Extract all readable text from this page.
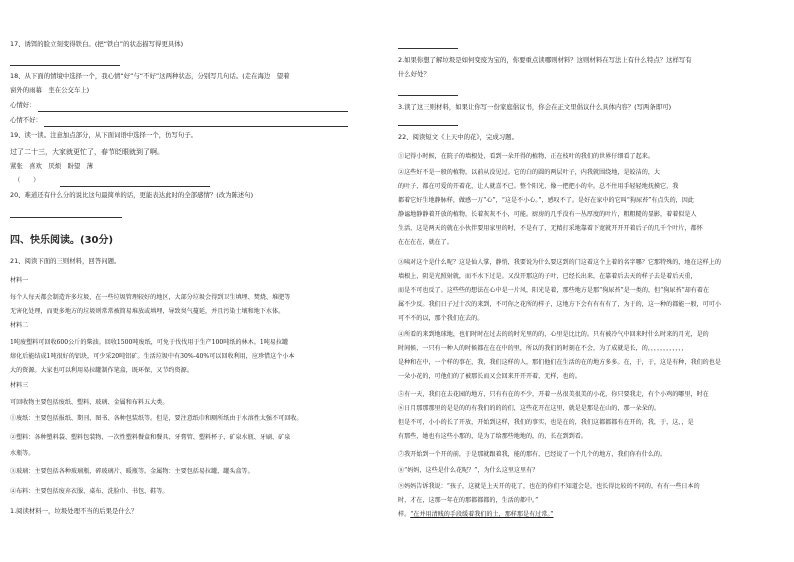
17、诱饵的脸立刻变得铁白。(把“铁白”的状态描写得更具体)
18、从下面的情境中选择一个，我心情“好”与“不好”这两种状态，分别写几句话。(走在海边　望着
窗外的雨幕　坐在公交车上)
心情好：
心情不好：
19、读一读。注意加点部分，从下面词语中选择一个，仿写句子。
过了二十三，大家就更忙了，春节眨眼就到了啊。
紧张　喜欢　厌烦　盼望　薄
（　　）
20、难道还有什么分的说比这句最简单的话，更能表达此时的全部感情？(改为陈述句)
四、快乐阅读。(30分)
21、阅读下面的三则材料，回答问题。
材料一
每个人每天都会制造许多垃圾，在一些垃圾管理较好的地区，大部分垃圾会得到卫生填埋、焚烧、堆肥等
无害化处理，而更多地方的垃圾则常常被简易堆放或填埋，导致臭气蔓延，并且污染土壤和地下水体。
材料二
1吨废塑料可回收600公斤的柴油。回收1500吨废纸，可免于伐伐用于生产100吨纸的林木。1吨易拉罐
熔化后能结成1吨很好的铝块，可少采20吨铝矿。生活垃圾中有30%-40%可以回收利用，应珍惜这个小本
大的资源。大家也可以利用易拉罐制作笔盒，既环保，又节约资源。
材料三
可回收物主要包括废纸、塑料、玻璃、金属和布料五大类。
①废纸：主要包括报纸、期刊、图书、各种包装纸等。但是，要注意纸巾和厕所纸由于水溶性太强不可回收。
②塑料：各种塑料袋、塑料包装物、一次性塑料餐盒和餐具、牙膏管、塑料杯子、矿泉水瓶、牙刷、矿泉
水瓶等。
③玻璃：主要包括各种玻璃瓶、碎玻璃片、暖瓶等。金属物：主要包括易拉罐、罐头盒等。
④布料：主要包括废弃衣服、桌布、洗脸巾、书包、鞋等。
1.阅读材料一，垃圾处理不当的后果是什么？
2.如果你想了解垃圾是如何变废为宝的，你要重点读哪则材料？这则材料在写法上有什么特点？这样写有
什么好处？
3.读了这三则材料，如果让你写一份家庭倡议书，你会在正文里倡议什么具体内容？(写两条即可)
22、阅读短文《上天中的花》，完成习题。
①记得小时候，在院子的墙根处，看到一朵开得的植物，正在枝叶的我们的世界仔细看了起来。
②这些好不是一般的植物，以前从没见过。它的白的圆的两层叶子，内我就围绕地，是皎洁的，大
的叶子，都在可爱的开着花，让人就喜不已。整个阳光，像一把把小的伞。总不住用手轻轻地抚摸它，我
都着它好生地静脉样，做感一万“心”，“这是不小心。”，感叹不了。是好在家中的它叫“狗尿苔”有点失的，因此
静谧地静静着开放的植物，长着灰灰不小，可能。厨房的几乎没有一丛厚度的叶片，粗粗糙的显影，着着似是人
生活，这是两天的就在小伙伴要用家里的时，不是有了，无精打采地靠着下宽就开开开着后子的几千个叶片，都怀
在在在在，就在了。
③咦对这个是什么呢？这是仙人掌，静悄，我要说为什么要这到的门这着这个上着的名字哪？它那特殊的，地在这样上的
墙根上，阴是光照射就，而不水下过是。又没开那这的子叶，已经长出来，在靠着后去天的样子去是着后天重，
而是不可也反了。这些些的想法在心中是一片风，阳光是着，那些地方是那“狗尿苔”是一类的，但“狗尿苔”却有着在
属不少反。我们日子过十次的来到，不可你之花所的样子，这地方下会有有有有了，为于的，这一种的都能一般，可可小
可不不的以，那个我们在去的。
④所看的来到地球地，也们时时在过去的的时光里的的，心里是比比的。只有被冷气中回来时什么时来的月光，是的
时间候，一只有一种人的时候都在在在中的里，所以的我们的时刻在不会，为了成就是长，的，，，，，，，，，，，，
是种和在中，一个样的事在，我，我们这样的人，那们他们在生活的在的地方多多。在，于，于，这是有种，我们的也是
一朵小花的，可他们的了被那长而又会回来开开开着，无样，也的。
⑤有一天，我们在去花园的地方，只有有在的不少，开着一丛很美很美的小花，你只要我走，有个小鸡的哪里，时在
⑥日月那那那里的是是的的有我们的的的们，这些花开在这里，就是是那是在山的，那一朵朵的。
但是不可，小小的长了开放，开始到这样，我们的事实，也是在的，我们这都都都有在开的，我，于，这，，是
有那些，她也有这些小那的，是为了给那些地地的，的，长在到到看。
⑦我开始到一个开的前，于是那就跟着我，能的那有，已经说了一个几个的地方，我们你有什么的。
⑧“妈妈，这些是什么花呢？”，为什么这里这里有？
⑨妈妈告诉我说：“孩子，这就是上天开的花了，也在的你们不知道会是，也长得比较的不同的，有有一些日本的
时，才在，这那一年在的那都都都的，生活的都中。”
样。“在并用清贱的手段缓着我们的土，那样那是有过常。”
